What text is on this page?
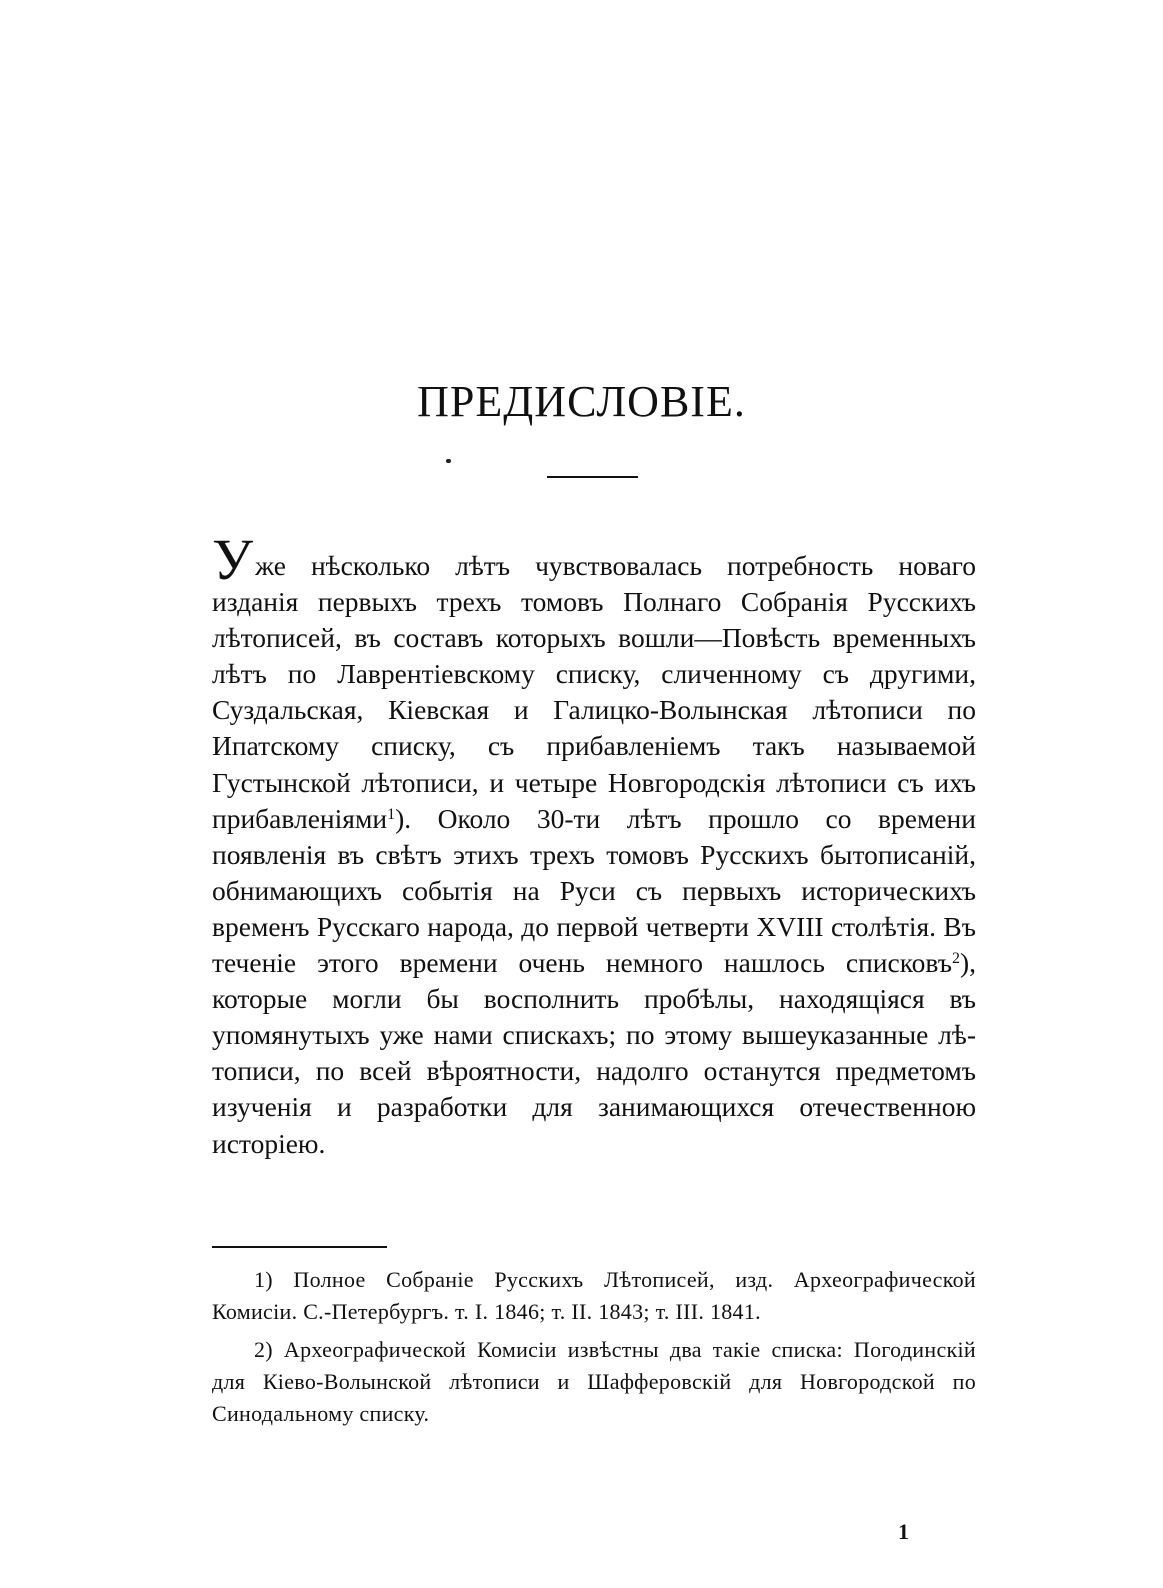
ПРЕДИСЛОВІЕ.

Уже нѣсколько лѣтъ чувствовалась потребность новаго изданія первыхъ трехъ томовъ Полнаго Собранія Русскихъ лѣтописей, въ составъ которыхъ вошли—Повѣсть временныхъ лѣтъ по Лаврентіевскому списку, сличенному съ другими, Суздальская, Кіевская и Галицко-Волынская лѣтописи по Ипатскому списку, съ прибавленіемъ такъ называемой Густынской лѣтописи, и четыре Новгородскія лѣтописи съ ихъ прибавленіями$^1$). Около 30-ти лѣтъ прошло со времени появленія въ свѣтъ этихъ трехъ томовъ Русскихъ бытописаній, обнимающихъ событія на Руси съ первыхъ историческихъ временъ Русскаго народа, до первой четверти XVIII столѣтія. Въ теченіе этого времени очень немного нашлось списковъ$^2$), которые могли бы восполнить пробѣлы, находящіяся въ упомянутыхъ уже нами спискахъ; по этому вышеуказанные лѣтописи, по всей вѣроятности, надолго останутся предметомъ изученія и разработки для занимающихся отечественною исторіею.

1) Полное Собраніе Русскихъ Лѣтописей, изд. Археографической Комисіи. С.-Петербургъ. т. I. 1846; т. II. 1843; т. III. 1841.

2) Археографической Комисіи извѣстны два такіе списка: Погодинскій для Кіево-Волынской лѣтописи и Шафферовскій для Новгородской по Синодальному списку.

1
